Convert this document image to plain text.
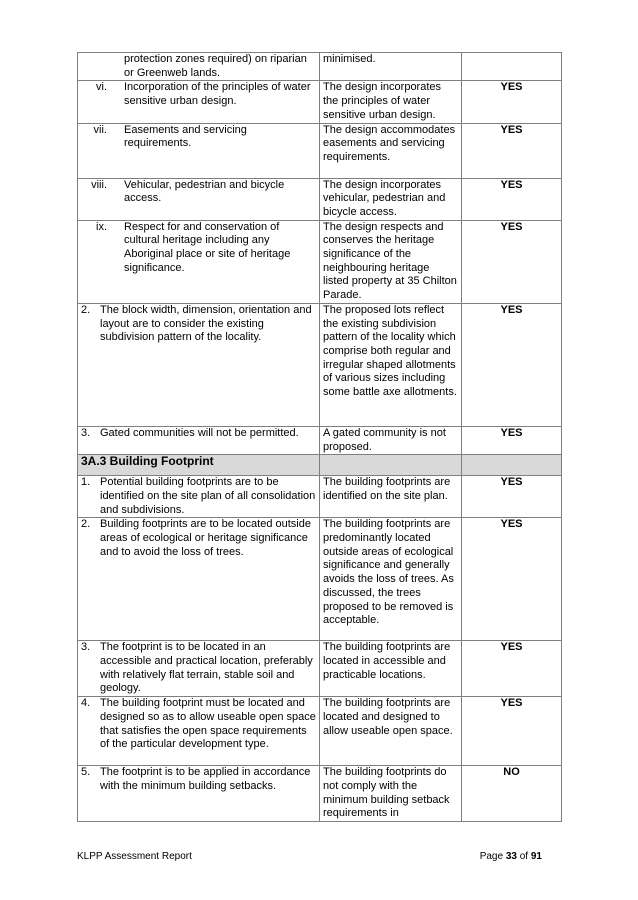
protection zones required) on riparian or Greenweb lands.	minimised.	

vi. Incorporation of the principles of water sensitive urban design.	The design incorporates the principles of water sensitive urban design.	YES

vii. Easements and servicing requirements.	The design accommodates easements and servicing requirements.	YES

viii. Vehicular, pedestrian and bicycle access.	The design incorporates vehicular, pedestrian and bicycle access.	YES

ix. Respect for and conservation of cultural heritage including any Aboriginal place or site of heritage significance.	The design respects and conserves the heritage significance of the neighbouring heritage listed property at 35 Chilton Parade.	YES

2. The block width, dimension, orientation and layout are to consider the existing subdivision pattern of the locality.	The proposed lots reflect the existing subdivision pattern of the locality which comprise both regular and irregular shaped allotments of various sizes including some battle axe allotments.	YES

3. Gated communities will not be permitted.	A gated community is not proposed.	YES
3A.3 Building Footprint		

1. Potential building footprints are to be identified on the site plan of all consolidation and subdivisions.	The building footprints are identified on the site plan.	YES

2. Building footprints are to be located outside areas of ecological or heritage significance and to avoid the loss of trees.	The building footprints are predominantly located outside areas of ecological significance and generally avoids the loss of trees. As discussed, the trees proposed to be removed is acceptable.	YES

3. The footprint is to be located in an accessible and practical location, preferably with relatively flat terrain, stable soil and geology.	The building footprints are located in accessible and practicable locations.	YES

4. The building footprint must be located and designed so as to allow useable open space that satisfies the open space requirements of the particular development type.	The building footprints are located and designed to allow useable open space.	YES

5. The footprint is to be applied in accordance with the minimum building setbacks.	The building footprints do not comply with the minimum building setback requirements in	NO
KLPP Assessment Report	Page 33 of 91
